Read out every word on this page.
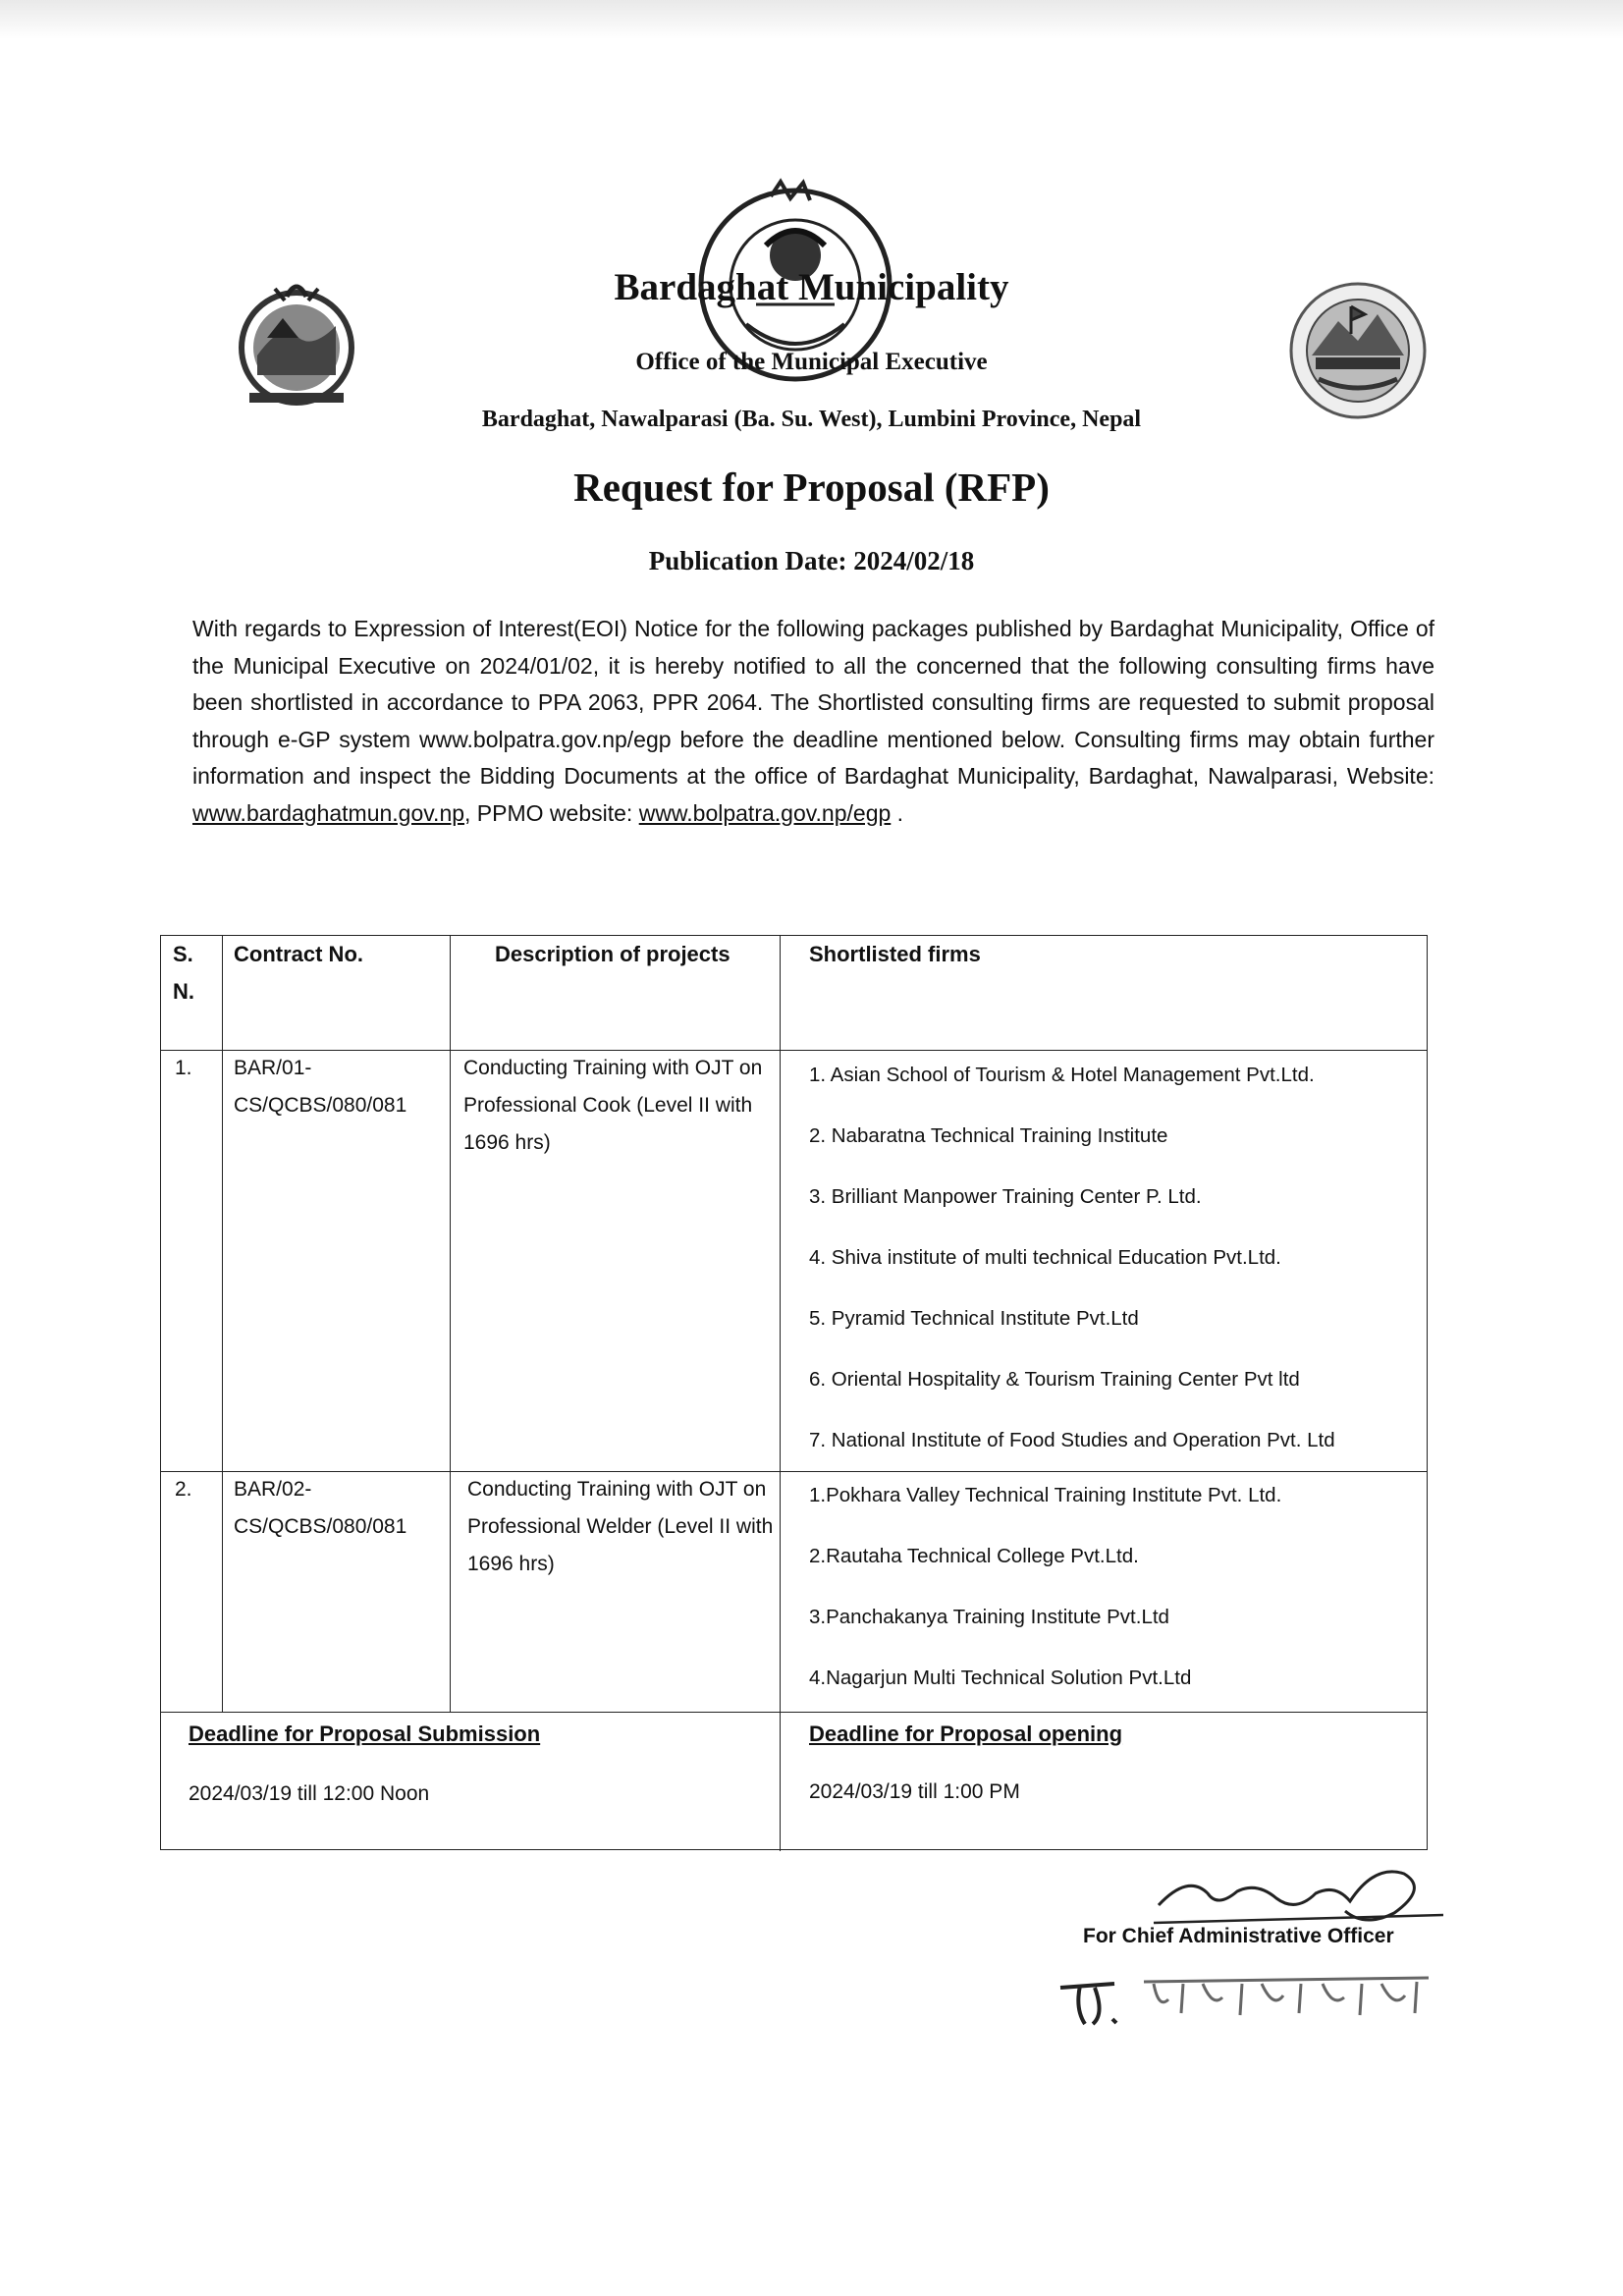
Bardaghat Municipality
Office of the Municipal Executive
Bardaghat, Nawalparasi (Ba. Su. West), Lumbini Province, Nepal
Request for Proposal (RFP)
Publication Date: 2024/02/18
With regards to Expression of Interest(EOI) Notice for the following packages published by Bardaghat Municipality, Office of the Municipal Executive on 2024/01/02, it is hereby notified to all the concerned that the following consulting firms have been shortlisted in accordance to PPA 2063, PPR 2064. The Shortlisted consulting firms are requested to submit proposal through e-GP system www.bolpatra.gov.np/egp before the deadline mentioned below. Consulting firms may obtain further information and inspect the Bidding Documents at the office of Bardaghat Municipality, Bardaghat, Nawalparasi, Website: www.bardaghatmun.gov.np, PPMO website: www.bolpatra.gov.np/egp .
S. N.
Contract No.	Description of projects	Shortlisted firms
1. BAR/01-CS/QCBS/080/081
Conducting Training with OJT on Professional Cook (Level II with 1696 hrs)
1. Asian School of Tourism & Hotel Management Pvt.Ltd.
2. Nabaratna Technical Training Institute
3. Brilliant Manpower Training Center P. Ltd.
4. Shiva institute of multi technical Education Pvt.Ltd.
5. Pyramid Technical Institute Pvt.Ltd
6. Oriental Hospitality & Tourism Training Center Pvt ltd
7. National Institute of Food Studies and Operation Pvt. Ltd
2. BAR/02-CS/QCBS/080/081
Conducting Training with OJT on Professional Welder (Level II with 1696 hrs)
1.Pokhara Valley Technical Training Institute Pvt. Ltd.
2.Rautaha Technical College Pvt.Ltd.
3.Panchakanya Training Institute Pvt.Ltd
4.Nagarjun Multi Technical Solution Pvt.Ltd
Deadline for Proposal Submission
2024/03/19 till 12:00 Noon
Deadline for Proposal opening
2024/03/19 till 1:00 PM
For Chief Administrative Officer
